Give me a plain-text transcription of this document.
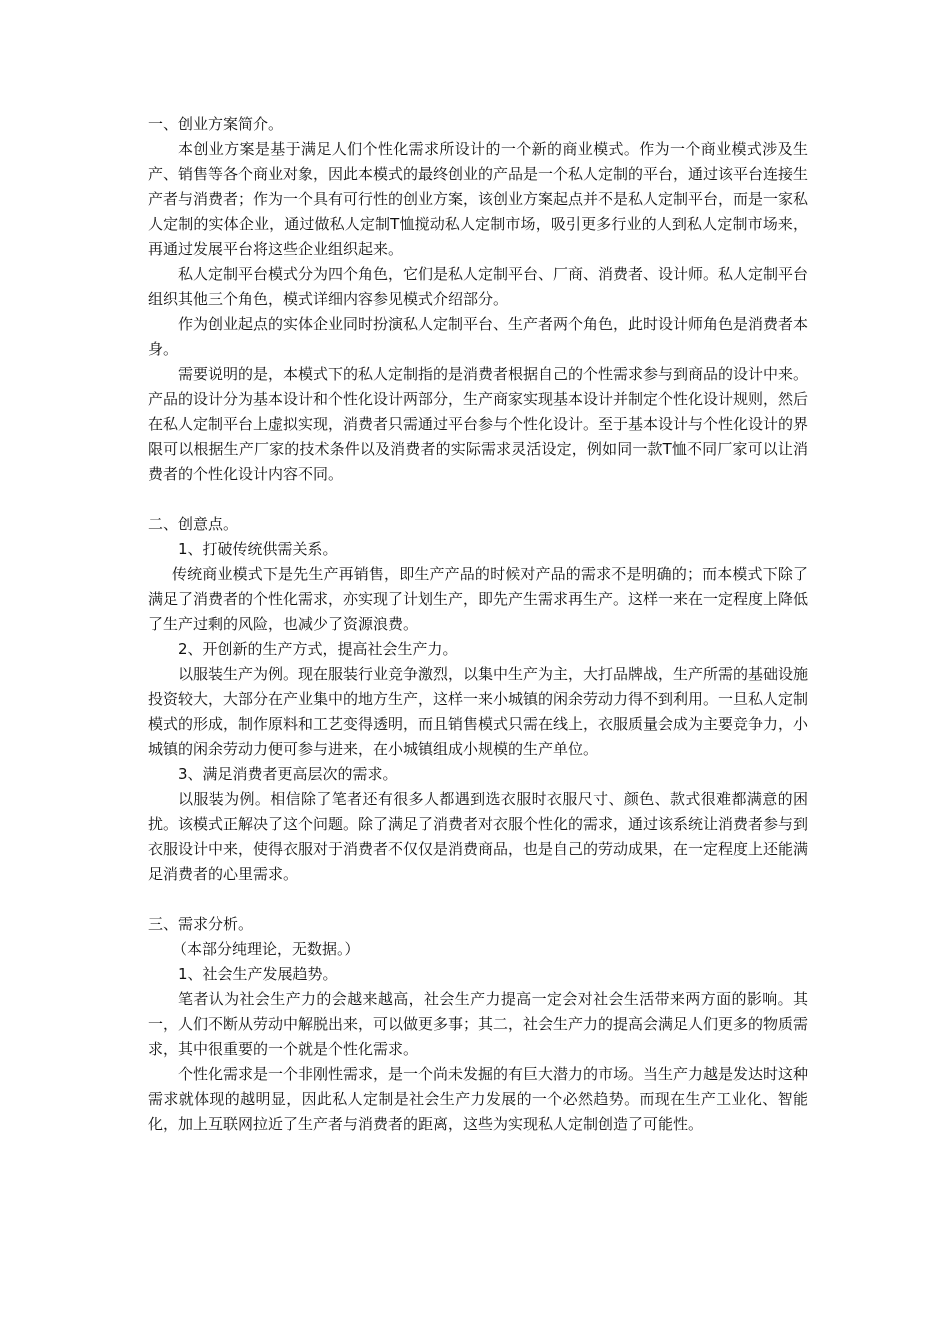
一、创业方案简介。

本创业方案是基于满足人们个性化需求所设计的一个新的商业模式。作为一个商业模式涉及生产、销售等各个商业对象，因此本模式的最终创业的产品是一个私人定制的平台，通过该平台连接生产者与消费者；作为一个具有可行性的创业方案，该创业方案起点并不是私人定制平台，而是一家私人定制的实体企业，通过做私人定制T恤搅动私人定制市场，吸引更多行业的人到私人定制市场来，再通过发展平台将这些企业组织起来。

私人定制平台模式分为四个角色，它们是私人定制平台、厂商、消费者、设计师。私人定制平台组织其他三个角色，模式详细内容参见模式介绍部分。

作为创业起点的实体企业同时扮演私人定制平台、生产者两个角色，此时设计师角色是消费者本身。

需要说明的是，本模式下的私人定制指的是消费者根据自己的个性需求参与到商品的设计中来。产品的设计分为基本设计和个性化设计两部分，生产商家实现基本设计并制定个性化设计规则，然后在私人定制平台上虚拟实现，消费者只需通过平台参与个性化设计。至于基本设计与个性化设计的界限可以根据生产厂家的技术条件以及消费者的实际需求灵活设定，例如同一款T恤不同厂家可以让消费者的个性化设计内容不同。

二、创意点。

1、打破传统供需关系。

传统商业模式下是先生产再销售，即生产产品的时候对产品的需求不是明确的；而本模式下除了满足了消费者的个性化需求，亦实现了计划生产，即先产生需求再生产。这样一来在一定程度上降低了生产过剩的风险，也减少了资源浪费。

2、开创新的生产方式，提高社会生产力。

以服装生产为例。现在服装行业竞争激烈，以集中生产为主，大打品牌战，生产所需的基础设施投资较大，大部分在产业集中的地方生产，这样一来小城镇的闲余劳动力得不到利用。一旦私人定制模式的形成，制作原料和工艺变得透明，而且销售模式只需在线上，衣服质量会成为主要竞争力，小城镇的闲余劳动力便可参与进来，在小城镇组成小规模的生产单位。

3、满足消费者更高层次的需求。

以服装为例。相信除了笔者还有很多人都遇到选衣服时衣服尺寸、颜色、款式很难都满意的困扰。该模式正解决了这个问题。除了满足了消费者对衣服个性化的需求，通过该系统让消费者参与到衣服设计中来，使得衣服对于消费者不仅仅是消费商品，也是自己的劳动成果，在一定程度上还能满足消费者的心里需求。

三、需求分析。

（本部分纯理论，无数据。）

1、社会生产发展趋势。

笔者认为社会生产力的会越来越高，社会生产力提高一定会对社会生活带来两方面的影响。其一，人们不断从劳动中解脱出来，可以做更多事；其二，社会生产力的提高会满足人们更多的物质需求，其中很重要的一个就是个性化需求。

个性化需求是一个非刚性需求，是一个尚未发掘的有巨大潜力的市场。当生产力越是发达时这种需求就体现的越明显，因此私人定制是社会生产力发展的一个必然趋势。而现在生产工业化、智能化，加上互联网拉近了生产者与消费者的距离，这些为实现私人定制创造了可能性。
